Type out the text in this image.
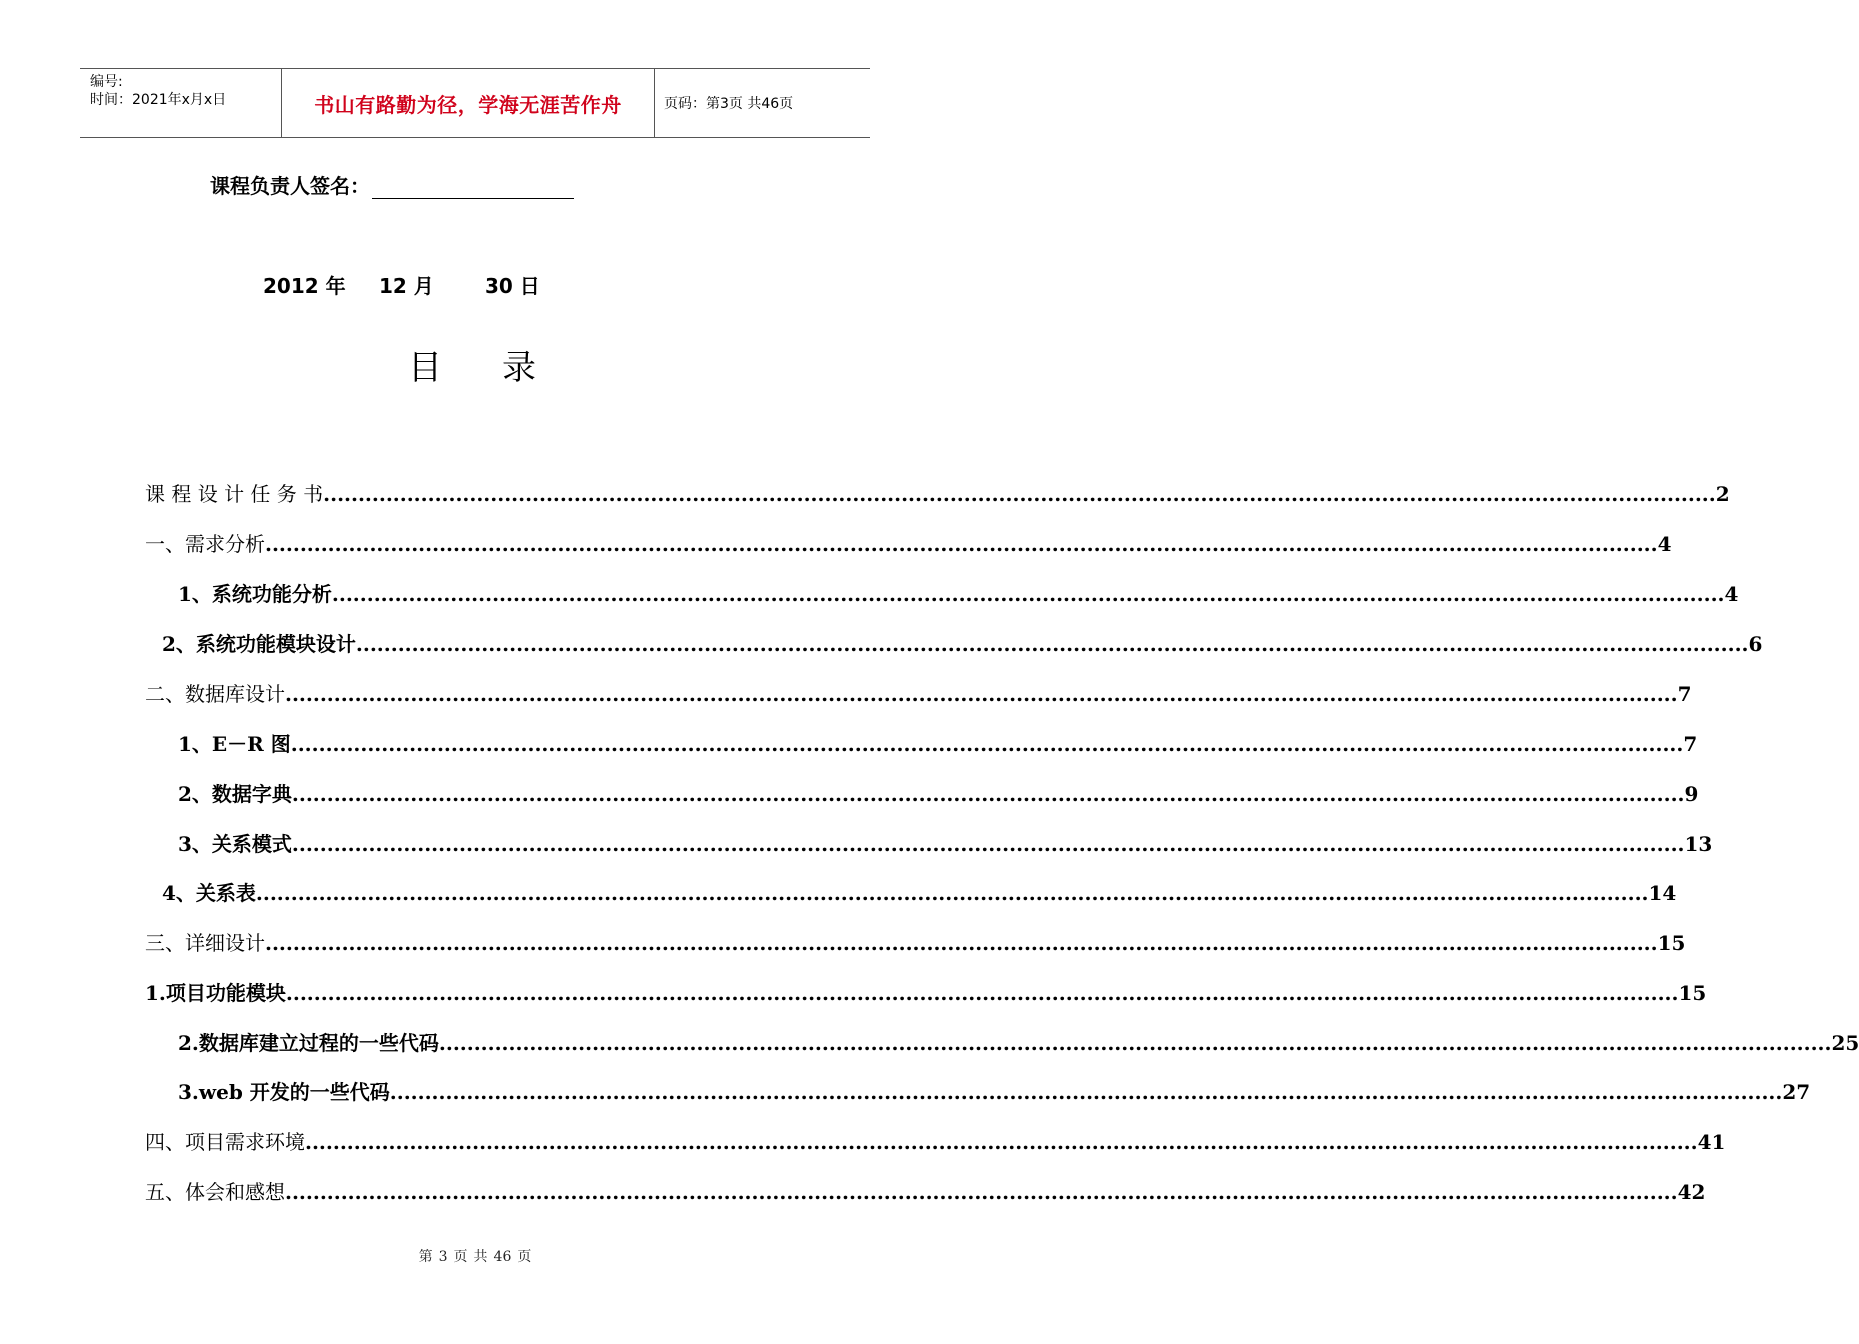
编号:
时间：2021年x月x日	书山有路勤为径，学海无涯苦作舟	页码：第3页 共46页
课程负责人签名：
2012 年	12 月	30 日
目 录
课 程 设 计 任 务 书 ........................................................................................................................................................................................................ 2
一、需求分析 ........................................................................................................................................................................................................ 4
1、系统功能分析 ........................................................................................................................................................................................................ 4
2、系统功能模块设计 ........................................................................................................................................................................................................ 6
二、数据库设计 ........................................................................................................................................................................................................ 7
1、E－R 图 ........................................................................................................................................................................................................ 7
2、数据字典 ........................................................................................................................................................................................................ 9
3、关系模式 ........................................................................................................................................................................................................ 13
4、关系表 ........................................................................................................................................................................................................ 14
三、详细设计 ........................................................................................................................................................................................................ 15
1.项目功能模块 ........................................................................................................................................................................................................ 15
2.数据库建立过程的一些代码 ........................................................................................................................................................................................................ 25
3.web 开发的一些代码 ........................................................................................................................................................................................................ 27
四、项目需求环境 ........................................................................................................................................................................................................ 41
五、体会和感想 ........................................................................................................................................................................................................ 42
第 3 页 共 46 页
